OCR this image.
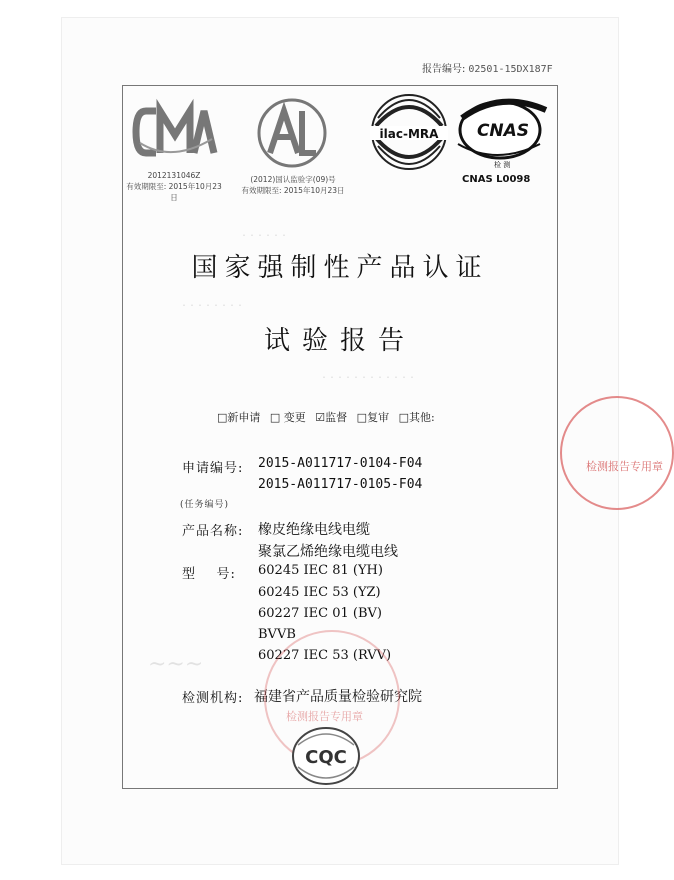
报告编号: 02501-15DX187F
・・・・・・
・・・・・・・・
・・・・・・・・・・・・
2012131046Z
有效期限至: 2015年10月23日
(2012)国认监验字(09)号
有效期限至: 2015年10月23日
ilac-MRA CNAS
检 测
CNAS L0098
国家强制性产品认证
试验报告
□新申请 □ 变更 ☑监督 □复审 □其他:
申请编号: 2015-A011717-0104-F04
2015-A011717-0105-F04
(任务编号)
产品名称: 橡皮绝缘电线电缆
聚氯乙烯绝缘电缆电线
型    号: 60245 IEC 81 (YH)
60245 IEC 53 (YZ)
60227 IEC 01 (BV)
BVVB
60227 IEC 53 (RVV)
检测机构: 福建省产品质量检验研究院
检测报告专用章
检测报告专用章
~~~
CQC
